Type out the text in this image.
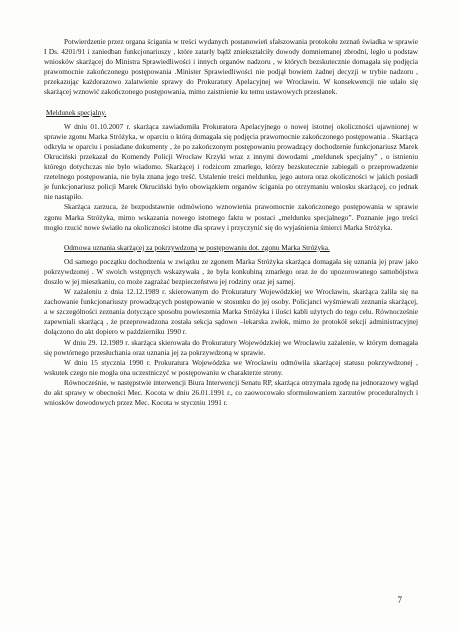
Potwierdzenie przez organa ścigania w treści wydanych postanowień sfałszowania protokołu zeznań świadka w sprawie I Ds. 4201/91 i zaniedban funkcjonariuszy , które zatarły bądź zniekształciły dowody domniemanej zbrodni, legło u podstaw wniosków skarżącej do Ministra Sprawiedliwości i innych organów nadzoru , w których bezskutecznie domagała się podjęcia prawomocnie zakończonego postępowania .Minister Sprawiedliwości nie podjął bowiem żadnej decyzji w trybie nadzoru , przekazując każdorazowo zalatwienie sprawy do Prokuratury Apelacyjnej we Wrocławiu. W konsekwencji nie udało się skarżącej wznowić zakończonego postępowania, mimo zaistnienie ku temu ustawowych przesłanek.

Meldunek specjalny.

W dniu 01.10.2007 r. skarżąca zawiadomiła Prokuratora Apelacyjnego o nowej istotnej okoliczności ujawnionej w sprawie zgonu Marka Stróżyka, w oparciu o którą domagała się podjęcia prawomocnie zakończonego postępowania . Skarżąca odkryła w oparciu i posiadane dokumenty , że po zakończonym postępowaniu prowadzący dochodzenie funkcjonariusz Marek Okruciński przekazał do Komendy Policji Wrocław Krzyki wraz z innymi dowodami „meldunek specjalny” , o istnieniu którego dotychczas nie było wiadomo. Skarżącej i rodzicom zmarłego, którzy bezskutecznie zabiegali o przeprowadzenie rzetelnego postępowania, nie była znana jego treść. Ustalenie treści meldunku, jego autora oraz okoliczności w jakich posiadł je funkcjonariusz policji Marek Okruciński było obowiązkiem organów ścigania po otrzymaniu wniosku skarżącej, co jednak nie nastąpiło.

Skarżąca zarzuca, że bezpodstawnie odmówiono wznowienia prawomocnie zakończonego postępowania w sprawie zgonu Marka Stróżyka, mimo wskazania nowego istotnego faktu w postaci „meldunku specjalnego”. Poznanie jego treści mogło rzucić nowe światło na okoliczności istotne dla sprawy i przyczynić się do wyjaśnienia śmierci Marka Stróżyka.

Odmowa uznania skarżącej za pokrzywdzoną w postępowaniu dot. zgonu Marka Stróżyka.

Od samego początku dochodzenia w związku ze zgonem Marka Stróżyka skarżąca domagała się uznania jej praw jako pokrzywdzonej . W swoich wstępnych wskazywała , że była konkubiną zmarłego oraz że do upozorowanego samobójstwa doszło w jej mieszkaniu, co może zagrażać bezpieczeństwu jej rodziny oraz jej samej.

W zażaleniu z dnia 12.12.1989 r. skierowanym do Prokuratury Wojewódzkiej we Wrocławiu, skarżąca żaliła się na zachowanie funkcjonariuszy prowadzących postępowanie w stosunku do jej osoby. Policjanci wyśmiewali zeznania skarżącej, a w szczególności zeznania dotyczące sposobu powieszenia Marka Stróżyka i ilości kabli użytych do tego celu. Równocześnie zapewniali skarżącą , że przeprowadzona została sekcja sądowo –lekarska zwłok, mimo że protokół sekcji administracyjnej dołączono do akt dopiero w październiku 1990 r.

W dniu 29. 12.1989 r. skarżąca skierowała do Prokuratury Wojewódzkiej we Wrocławiu zażalenie, w którym domagała się powtórnego przesłuchania oraz uznania jej za pokrzywdzoną w sprawie.

W dniu 15 stycznia 1990 r. Prokuratura Wojewódzka we Wrocławiu odmówiła skarżącej statusu pokrzywdzonej , wskutek czego nie mogła ona uczestniczyć w postępowaniu w charakterze strony.

Równocześnie, w następstwie interwencji Biura Interwencji Senatu RP, skarżąca otrzymała zgodę na jednorazowy wgląd do akt sprawy w obecności Mec. Kocota w dniu 26.01.1991 r., co zaowocowało sformułowaniem zarzutów proceduralnych i wniosków dowodowych przez Mec. Kocota w styczniu 1991 r.

7
